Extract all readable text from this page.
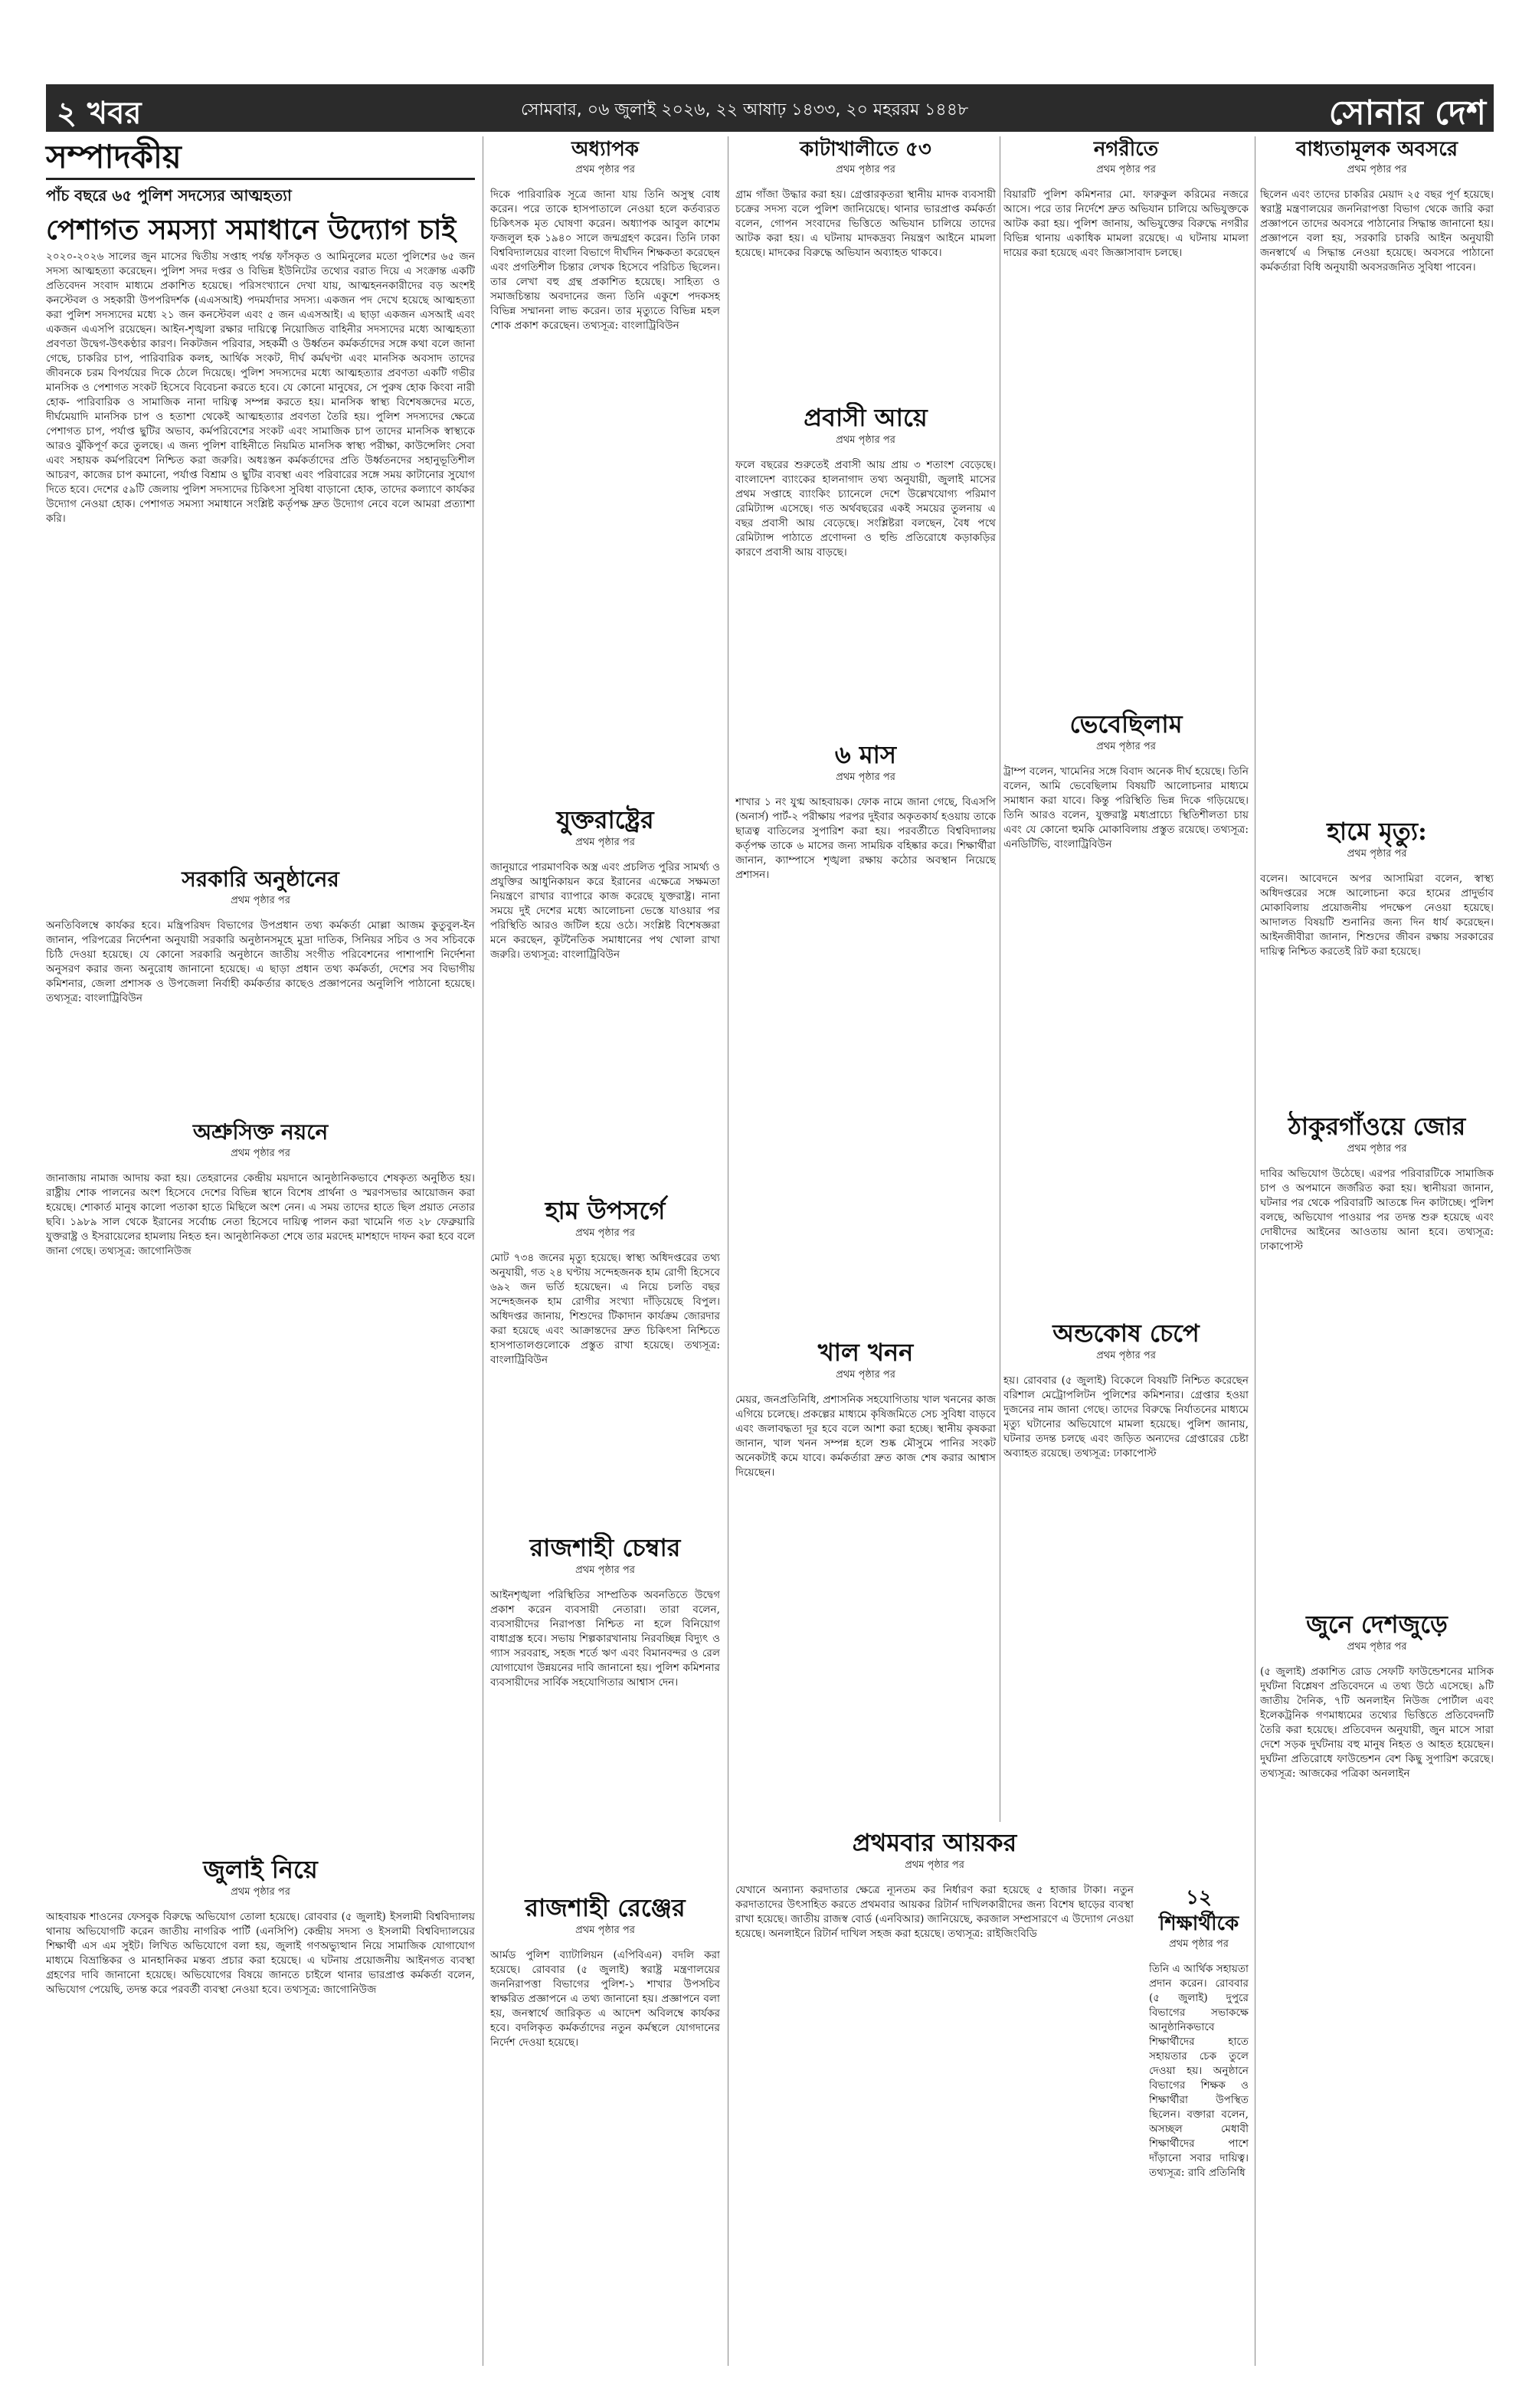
২ খবর	সোমবার, ০৬ জুলাই ২০২৬, ২২ আষাঢ় ১৪৩৩, ২০ মহররম ১৪৪৮	সোনার দেশ
সম্পাদকীয়
পাঁচ বছরে ৬৫ পুলিশ সদস্যের আত্মহত্যা
পেশাগত সমস্যা সমাধানে উদ্যোগ চাই
২০২০-২০২৬ সালের জুন মাসের দ্বিতীয় সপ্তাহ পর্যন্ত ফাঁসকৃত ও আমিনুলের মতো পুলিশের ৬৫ জন সদস্য আত্মহত্যা করেছেন। পুলিশ সদর দপ্তর ও বিভিন্ন ইউনিটের তথ্যের বরাত দিয়ে এ সংক্রান্ত একটি প্রতিবেদন সংবাদ মাধ্যমে প্রকাশিত হয়েছে। পরিসংখ্যানে দেখা যায়, আত্মহননকারীদের বড় অংশই কনস্টেবল ও সহকারী উপপরিদর্শক (এএসআই) পদমর্যাদার সদস্য। একজন পদ দেখে হয়েছে আত্মহত্যা করা পুলিশ সদস্যদের মধ্যে ২১ জন কনস্টেবল এবং ৫ জন এএসআই। এ ছাড়া একজন এসআই এবং একজন এএসপি রয়েছেন। আইন-শৃঙ্খলা রক্ষার দায়িত্বে নিয়োজিত বাহিনীর সদস্যদের মধ্যে আত্মহত্যা প্রবণতা উদ্বেগ-উৎকণ্ঠার কারণ। নিকটজন পরিবার, সহকর্মী ও উর্ধ্বতন কর্মকর্তাদের সঙ্গে কথা বলে জানা গেছে, চাকরির চাপ, পারিবারিক কলহ, আর্থিক সংকট, দীর্ঘ কর্মঘণ্টা এবং মানসিক অবসাদ তাদের জীবনকে চরম বিপর্যয়ের দিকে ঠেলে দিয়েছে। পুলিশ সদস্যদের মধ্যে আত্মহত্যার প্রবণতা একটি গভীর মানসিক ও পেশাগত সংকট হিসেবে বিবেচনা করতে হবে। যে কোনো মানুষের, সে পুরুষ হোক কিংবা নারী হোক- পারিবারিক ও সামাজিক নানা দায়িত্ব সম্পন্ন করতে হয়। মানসিক স্বাস্থ্য বিশেষজ্ঞদের মতে, দীর্ঘমেয়াদি মানসিক চাপ ও হতাশা থেকেই আত্মহত্যার প্রবণতা তৈরি হয়। পুলিশ সদস্যদের ক্ষেত্রে পেশাগত চাপ, পর্যাপ্ত ছুটির অভাব, কর্মপরিবেশের সংকট এবং সামাজিক চাপ তাদের মানসিক স্বাস্থ্যকে আরও ঝুঁকিপূর্ণ করে তুলছে। এ জন্য পুলিশ বাহিনীতে নিয়মিত মানসিক স্বাস্থ্য পরীক্ষা, কাউন্সেলিং সেবা এবং সহায়ক কর্মপরিবেশ নিশ্চিত করা জরুরি। অধঃস্তন কর্মকর্তাদের প্রতি উর্ধ্বতনদের সহানুভূতিশীল আচরণ, কাজের চাপ কমানো, পর্যাপ্ত বিশ্রাম ও ছুটির ব্যবস্থা এবং পরিবারের সঙ্গে সময় কাটানোর সুযোগ দিতে হবে। দেশের ৫৯টি জেলায় পুলিশ সদস্যদের চিকিৎসা সুবিধা বাড়ানো হোক, তাদের কল্যাণে কার্যকর উদ্যোগ নেওয়া হোক। পেশাগত সমস্যা সমাধানে সংশ্লিষ্ট কর্তৃপক্ষ দ্রুত উদ্যোগ নেবে বলে আমরা প্রত্যাশা করি।

সরকারি অনুষ্ঠানের

প্রথম পৃষ্ঠার পর

অনতিবিলম্বে কার্যকর হবে। মন্ত্রিপরিষদ বিভাগের উপপ্রধান তথ্য কর্মকর্তা মোল্লা আজম কুতুবুল-ইন জানান, পরিপত্রের নির্দেশনা অনুযায়ী সরকারি অনুষ্ঠানসমূহে মুদ্রা দাতিক, সিনিয়র সচিব ও সব সচিবকে চিঠি দেওয়া হয়েছে। যে কোনো সরকারি অনুষ্ঠানে জাতীয় সংগীত পরিবেশনের পাশাপাশি নির্দেশনা অনুসরণ করার জন্য অনুরোধ জানানো হয়েছে। এ ছাড়া প্রধান তথ্য কর্মকর্তা, দেশের সব বিভাগীয় কমিশনার, জেলা প্রশাসক ও উপজেলা নির্বাহী কর্মকর্তার কাছেও প্রজ্ঞাপনের অনুলিপি পাঠানো হয়েছে। তথ্যসূত্র: বাংলাট্রিবিউন

অশ্রুসিক্ত নয়নে

প্রথম পৃষ্ঠার পর

জানাজায় নামাজ আদায় করা হয়। তেহরানের কেন্দ্রীয় ময়দানে আনুষ্ঠানিকভাবে শেষকৃত্য অনুষ্ঠিত হয়। রাষ্ট্রীয় শোক পালনের অংশ হিসেবে দেশের বিভিন্ন স্থানে বিশেষ প্রার্থনা ও স্মরণসভার আয়োজন করা হয়েছে। শোকার্ত মানুষ কালো পতাকা হাতে মিছিলে অংশ নেন। এ সময় তাদের হাতে ছিল প্রয়াত নেতার ছবি। ১৯৮৯ সাল থেকে ইরানের সর্বোচ্চ নেতা হিসেবে দায়িত্ব পালন করা খামেনি গত ২৮ ফেব্রুয়ারি যুক্তরাষ্ট্র ও ইসরায়েলের হামলায় নিহত হন। আনুষ্ঠানিকতা শেষে তার মরদেহ মাশহাদে দাফন করা হবে বলে জানা গেছে। তথ্যসূত্র: জাগোনিউজ

জুলাই নিয়ে

প্রথম পৃষ্ঠার পর

আহবায়ক শাওনের ফেসবুক বিরুদ্ধে অভিযোগ তোলা হয়েছে। রোববার (৫ জুলাই) ইসলামী বিশ্ববিদ্যালয় থানায় অভিযোগটি করেন জাতীয় নাগরিক পার্টি (এনসিপি) কেন্দ্রীয় সদস্য ও ইসলামী বিশ্ববিদ্যালয়ের শিক্ষার্থী এস এম সুইট। লিখিত অভিযোগে বলা হয়, জুলাই গণঅভ্যুত্থান নিয়ে সামাজিক যোগাযোগ মাধ্যমে বিভ্রান্তিকর ও মানহানিকর মন্তব্য প্রচার করা হয়েছে। এ ঘটনায় প্রয়োজনীয় আইনগত ব্যবস্থা গ্রহণের দাবি জানানো হয়েছে। অভিযোগের বিষয়ে জানতে চাইলে থানার ভারপ্রাপ্ত কর্মকর্তা বলেন, অভিযোগ পেয়েছি, তদন্ত করে পরবর্তী ব্যবস্থা নেওয়া হবে। তথ্যসূত্র: জাগোনিউজ

অধ্যাপক

প্রথম পৃষ্ঠার পর

দিকে পারিবারিক সূত্রে জানা যায় তিনি অসুস্থ বোধ করেন। পরে তাকে হাসপাতালে নেওয়া হলে কর্তব্যরত চিকিৎসক মৃত ঘোষণা করেন। অধ্যাপক আবুল কাশেম ফজলুল হক ১৯৪০ সালে জন্মগ্রহণ করেন। তিনি ঢাকা বিশ্ববিদ্যালয়ের বাংলা বিভাগে দীর্ঘদিন শিক্ষকতা করেছেন এবং প্রগতিশীল চিন্তার লেখক হিসেবে পরিচিত ছিলেন। তার লেখা বহু গ্রন্থ প্রকাশিত হয়েছে। সাহিত্য ও সমাজচিন্তায় অবদানের জন্য তিনি একুশে পদকসহ বিভিন্ন সম্মাননা লাভ করেন। তার মৃত্যুতে বিভিন্ন মহল শোক প্রকাশ করেছেন। তথ্যসূত্র: বাংলাট্রিবিউন

যুক্তরাষ্ট্রের

প্রথম পৃষ্ঠার পর

জানুয়ারে পারমাণবিক অস্ত্র এবং প্রচলিত পুরির সামর্থ্য ও প্রযুক্তির আধুনিকায়ন করে ইরানের এক্ষেত্রে সক্ষমতা নিয়ন্ত্রণে রাখার ব্যাপারে কাজ করেছে যুক্তরাষ্ট্র। নানা সময়ে দুই দেশের মধ্যে আলোচনা ভেস্তে যাওয়ার পর পরিস্থিতি আরও জটিল হয়ে ওঠে। সংশ্লিষ্ট বিশেষজ্ঞরা মনে করছেন, কূটনৈতিক সমাধানের পথ খোলা রাখা জরুরি। তথ্যসূত্র: বাংলাট্রিবিউন

হাম উপসর্গে

প্রথম পৃষ্ঠার পর

মোট ৭৩৪ জনের মৃত্যু হয়েছে। স্বাস্থ্য অধিদপ্তরের তথ্য অনুযায়ী, গত ২৪ ঘণ্টায় সন্দেহজনক হাম রোগী হিসেবে ৬৯২ জন ভর্তি হয়েছেন। এ নিয়ে চলতি বছর সন্দেহজনক হাম রোগীর সংখ্যা দাঁড়িয়েছে বিপুল। অধিদপ্তর জানায়, শিশুদের টিকাদান কার্যক্রম জোরদার করা হয়েছে এবং আক্রান্তদের দ্রুত চিকিৎসা নিশ্চিতে হাসপাতালগুলোকে প্রস্তুত রাখা হয়েছে। তথ্যসূত্র: বাংলাট্রিবিউন

রাজশাহী চেম্বার

প্রথম পৃষ্ঠার পর

আইনশৃঙ্খলা পরিস্থিতির সাম্প্রতিক অবনতিতে উদ্বেগ প্রকাশ করেন ব্যবসায়ী নেতারা। তারা বলেন, ব্যবসায়ীদের নিরাপত্তা নিশ্চিত না হলে বিনিয়োগ বাধাগ্রস্ত হবে। সভায় শিল্পকারখানায় নিরবচ্ছিন্ন বিদ্যুৎ ও গ্যাস সরবরাহ, সহজ শর্তে ঋণ এবং বিমানবন্দর ও রেল যোগাযোগ উন্নয়নের দাবি জানানো হয়। পুলিশ কমিশনার ব্যবসায়ীদের সার্বিক সহযোগিতার আশ্বাস দেন।

রাজশাহী রেঞ্জের

প্রথম পৃষ্ঠার পর

আর্মড পুলিশ ব্যাটালিয়ন (এপিবিএন) বদলি করা হয়েছে। রোববার (৫ জুলাই) স্বরাষ্ট্র মন্ত্রণালয়ের জননিরাপত্তা বিভাগের পুলিশ-১ শাখার উপসচিব স্বাক্ষরিত প্রজ্ঞাপনে এ তথ্য জানানো হয়। প্রজ্ঞাপনে বলা হয়, জনস্বার্থে জারিকৃত এ আদেশ অবিলম্বে কার্যকর হবে। বদলিকৃত কর্মকর্তাদের নতুন কর্মস্থলে যোগদানের নির্দেশ দেওয়া হয়েছে।

কাটাখালীতে ৫৩

প্রথম পৃষ্ঠার পর

গ্রাম গাঁজা উদ্ধার করা হয়। গ্রেপ্তারকৃতরা স্থানীয় মাদক ব্যবসায়ী চক্রের সদস্য বলে পুলিশ জানিয়েছে। থানার ভারপ্রাপ্ত কর্মকর্তা বলেন, গোপন সংবাদের ভিত্তিতে অভিযান চালিয়ে তাদের আটক করা হয়। এ ঘটনায় মাদকদ্রব্য নিয়ন্ত্রণ আইনে মামলা হয়েছে। মাদকের বিরুদ্ধে অভিযান অব্যাহত থাকবে।

প্রবাসী আয়ে

প্রথম পৃষ্ঠার পর

ফলে বছরের শুরুতেই প্রবাসী আয় প্রায় ৩ শতাংশ বেড়েছে। বাংলাদেশ ব্যাংকের হালনাগাদ তথ্য অনুযায়ী, জুলাই মাসের প্রথম সপ্তাহে ব্যাংকিং চ্যানেলে দেশে উল্লেখযোগ্য পরিমাণ রেমিট্যান্স এসেছে। গত অর্থবছরের একই সময়ের তুলনায় এ বছর প্রবাসী আয় বেড়েছে। সংশ্লিষ্টরা বলছেন, বৈধ পথে রেমিট্যান্স পাঠাতে প্রণোদনা ও হুন্ডি প্রতিরোধে কড়াকড়ির কারণে প্রবাসী আয় বাড়ছে।

৬ মাস

প্রথম পৃষ্ঠার পর

শাখার ১ নং যুগ্ম আহবায়ক। ফোক নামে জানা গেছে, বিএসপি (অনার্স) পার্ট-২ পরীক্ষায় পরপর দুইবার অকৃতকার্য হওয়ায় তাকে ছাত্রত্ব বাতিলের সুপারিশ করা হয়। পরবর্তীতে বিশ্ববিদ্যালয় কর্তৃপক্ষ তাকে ৬ মাসের জন্য সাময়িক বহিষ্কার করে। শিক্ষার্থীরা জানান, ক্যাম্পাসে শৃঙ্খলা রক্ষায় কঠোর অবস্থান নিয়েছে প্রশাসন।

খাল খনন

প্রথম পৃষ্ঠার পর

মেয়র, জনপ্রতিনিধি, প্রশাসনিক সহযোগিতায় খাল খননের কাজ এগিয়ে চলেছে। প্রকল্পের মাধ্যমে কৃষিজমিতে সেচ সুবিধা বাড়বে এবং জলাবদ্ধতা দূর হবে বলে আশা করা হচ্ছে। স্থানীয় কৃষকরা জানান, খাল খনন সম্পন্ন হলে শুষ্ক মৌসুমে পানির সংকট অনেকটাই কমে যাবে। কর্মকর্তারা দ্রুত কাজ শেষ করার আশ্বাস দিয়েছেন।

প্রথমবার আয়কর

প্রথম পৃষ্ঠার পর

যেখানে অন্যান্য করদাতার ক্ষেত্রে ন্যূনতম কর নির্ধারণ করা হয়েছে ৫ হাজার টাকা। নতুন করদাতাদের উৎসাহিত করতে প্রথমবার আয়কর রিটার্ন দাখিলকারীদের জন্য বিশেষ ছাড়ের ব্যবস্থা রাখা হয়েছে। জাতীয় রাজস্ব বোর্ড (এনবিআর) জানিয়েছে, করজাল সম্প্রসারণে এ উদ্যোগ নেওয়া হয়েছে। অনলাইনে রিটার্ন দাখিল সহজ করা হয়েছে। তথ্যসূত্র: রাইজিংবিডি

নগরীতে

প্রথম পৃষ্ঠার পর

বিয়ারটি পুলিশ কমিশনার মো. ফারুকুল করিমের নজরে আসে। পরে তার নির্দেশে দ্রুত অভিযান চালিয়ে অভিযুক্তকে আটক করা হয়। পুলিশ জানায়, অভিযুক্তের বিরুদ্ধে নগরীর বিভিন্ন থানায় একাধিক মামলা রয়েছে। এ ঘটনায় মামলা দায়ের করা হয়েছে এবং জিজ্ঞাসাবাদ চলছে।

ভেবেছিলাম

প্রথম পৃষ্ঠার পর

ট্রাম্প বলেন, খামেনির সঙ্গে বিবাদ অনেক দীর্ঘ হয়েছে। তিনি বলেন, আমি ভেবেছিলাম বিষয়টি আলোচনার মাধ্যমে সমাধান করা যাবে। কিন্তু পরিস্থিতি ভিন্ন দিকে গড়িয়েছে। তিনি আরও বলেন, যুক্তরাষ্ট্র মধ্যপ্রাচ্যে স্থিতিশীলতা চায় এবং যে কোনো হুমকি মোকাবিলায় প্রস্তুত রয়েছে। তথ্যসূত্র: এনডিটিভি, বাংলাট্রিবিউন

অন্ডকোষ চেপে

প্রথম পৃষ্ঠার পর

হয়। রোববার (৫ জুলাই) বিকেলে বিষয়টি নিশ্চিত করেছেন বরিশাল মেট্রোপলিটন পুলিশের কমিশনার। গ্রেপ্তার হওয়া দুজনের নাম জানা গেছে। তাদের বিরুদ্ধে নির্যাতনের মাধ্যমে মৃত্যু ঘটানোর অভিযোগে মামলা হয়েছে। পুলিশ জানায়, ঘটনার তদন্ত চলছে এবং জড়িত অন্যদের গ্রেপ্তারের চেষ্টা অব্যাহত রয়েছে। তথ্যসূত্র: ঢাকাপোস্ট

১২ শিক্ষার্থীকে

প্রথম পৃষ্ঠার পর

তিনি এ আর্থিক সহায়তা প্রদান করেন। রোববার (৫ জুলাই) দুপুরে বিভাগের সভাকক্ষে আনুষ্ঠানিকভাবে শিক্ষার্থীদের হাতে সহায়তার চেক তুলে দেওয়া হয়। অনুষ্ঠানে বিভাগের শিক্ষক ও শিক্ষার্থীরা উপস্থিত ছিলেন। বক্তারা বলেন, অসচ্ছল মেধাবী শিক্ষার্থীদের পাশে দাঁড়ানো সবার দায়িত্ব। তথ্যসূত্র: রাবি প্রতিনিধি

বাধ্যতামূলক অবসরে

প্রথম পৃষ্ঠার পর

ছিলেন এবং তাদের চাকরির মেয়াদ ২৫ বছর পূর্ণ হয়েছে। স্বরাষ্ট্র মন্ত্রণালয়ের জননিরাপত্তা বিভাগ থেকে জারি করা প্রজ্ঞাপনে তাদের অবসরে পাঠানোর সিদ্ধান্ত জানানো হয়। প্রজ্ঞাপনে বলা হয়, সরকারি চাকরি আইন অনুযায়ী জনস্বার্থে এ সিদ্ধান্ত নেওয়া হয়েছে। অবসরে পাঠানো কর্মকর্তারা বিধি অনুযায়ী অবসরজনিত সুবিধা পাবেন।

হামে মৃত্যু:

প্রথম পৃষ্ঠার পর

বলেন। আবেদনে অপর আসামিরা বলেন, স্বাস্থ্য অধিদপ্তরের সঙ্গে আলোচনা করে হামের প্রাদুর্ভাব মোকাবিলায় প্রয়োজনীয় পদক্ষেপ নেওয়া হয়েছে। আদালত বিষয়টি শুনানির জন্য দিন ধার্য করেছেন। আইনজীবীরা জানান, শিশুদের জীবন রক্ষায় সরকারের দায়িত্ব নিশ্চিত করতেই রিট করা হয়েছে।

ঠাকুরগাঁওয়ে জোর

প্রথম পৃষ্ঠার পর

দাবির অভিযোগ উঠেছে। এরপর পরিবারটিকে সামাজিক চাপ ও অপমানে জর্জরিত করা হয়। স্থানীয়রা জানান, ঘটনার পর থেকে পরিবারটি আতঙ্কে দিন কাটাচ্ছে। পুলিশ বলছে, অভিযোগ পাওয়ার পর তদন্ত শুরু হয়েছে এবং দোষীদের আইনের আওতায় আনা হবে। তথ্যসূত্র: ঢাকাপোস্ট

জুনে দেশজুড়ে

প্রথম পৃষ্ঠার পর

(৫ জুলাই) প্রকাশিত রোড সেফটি ফাউন্ডেশনের মাসিক দুর্ঘটনা বিশ্লেষণ প্রতিবেদনে এ তথ্য উঠে এসেছে। ৯টি জাতীয় দৈনিক, ৭টি অনলাইন নিউজ পোর্টাল এবং ইলেকট্রনিক গণমাধ্যমের তথ্যের ভিত্তিতে প্রতিবেদনটি তৈরি করা হয়েছে। প্রতিবেদন অনুযায়ী, জুন মাসে সারা দেশে সড়ক দুর্ঘটনায় বহু মানুষ নিহত ও আহত হয়েছেন। দুর্ঘটনা প্রতিরোধে ফাউন্ডেশন বেশ কিছু সুপারিশ করেছে। তথ্যসূত্র: আজকের পত্রিকা অনলাইন
